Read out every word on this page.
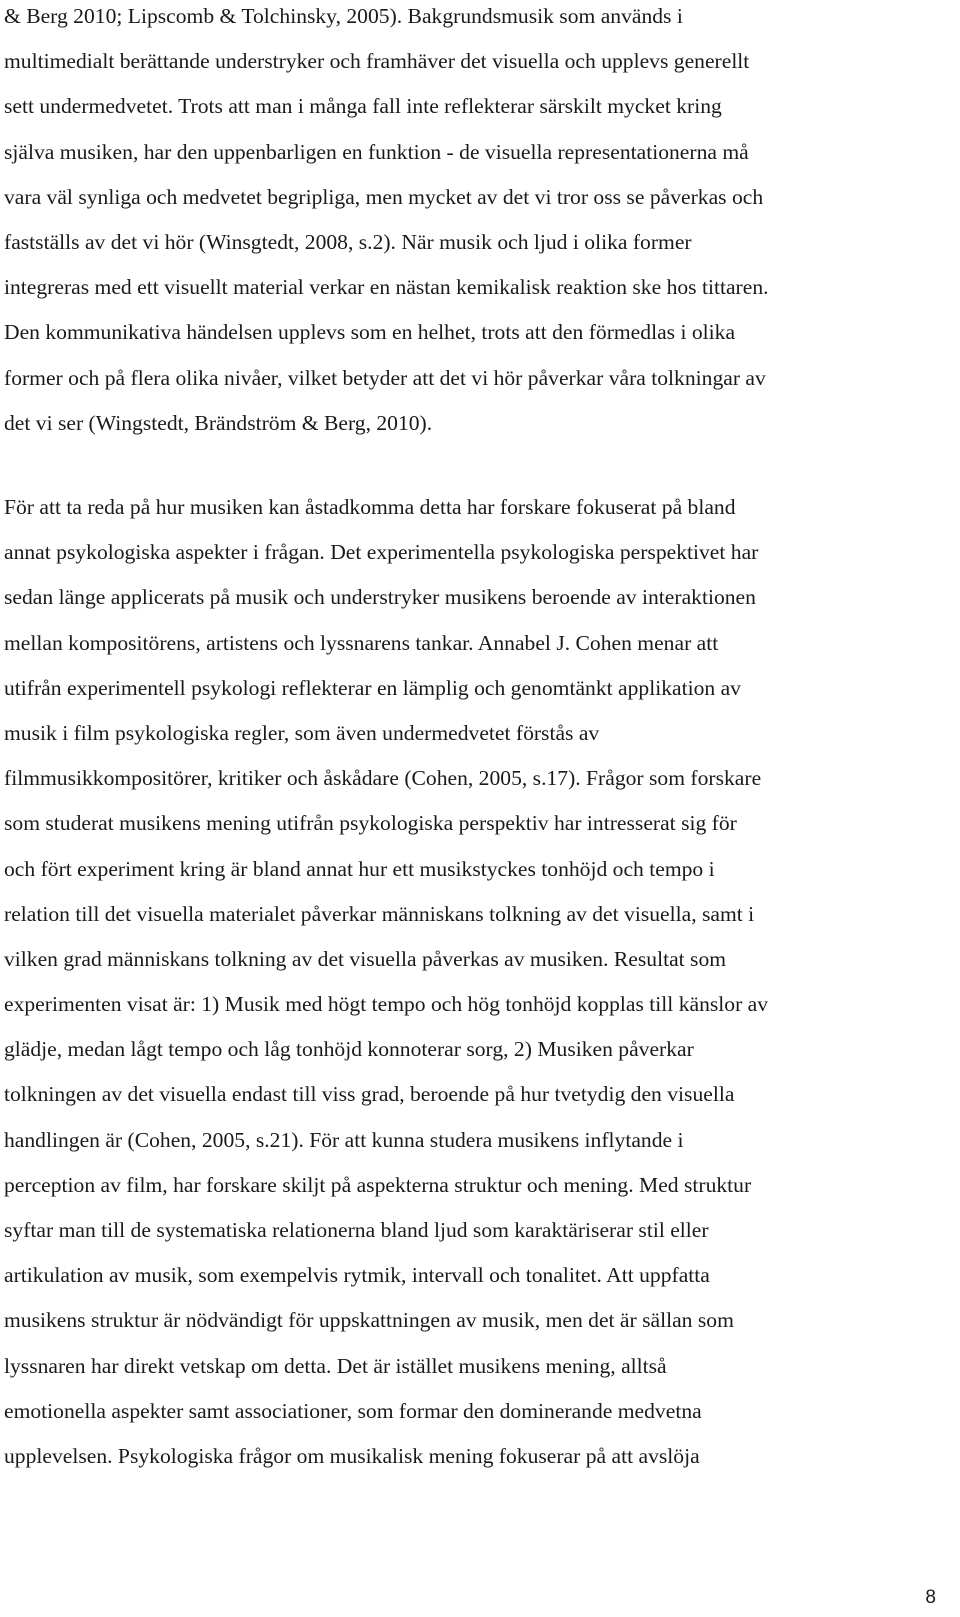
& Berg 2010; Lipscomb & Tolchinsky, 2005). Bakgrundsmusik som används i
multimedialt berättande understryker och framhäver det visuella och upplevs generellt
sett undermedvetet. Trots att man i många fall inte reflekterar särskilt mycket kring
själva musiken, har den uppenbarligen en funktion - de visuella representationerna må
vara väl synliga och medvetet begripliga, men mycket av det vi tror oss se påverkas och
fastställs av det vi hör (Winsgtedt, 2008, s.2). När musik och ljud i olika former
integreras med ett visuellt material verkar en nästan kemikalisk reaktion ske hos tittaren.
Den kommunikativa händelsen upplevs som en helhet, trots att den förmedlas i olika
former och på flera olika nivåer, vilket betyder att det vi hör påverkar våra tolkningar av
det vi ser (Wingstedt, Brändström & Berg, 2010).
För att ta reda på hur musiken kan åstadkomma detta har forskare fokuserat på bland
annat psykologiska aspekter i frågan. Det experimentella psykologiska perspektivet har
sedan länge applicerats på musik och understryker musikens beroende av interaktionen
mellan kompositörens, artistens och lyssnarens tankar. Annabel J. Cohen menar att
utifrån experimentell psykologi reflekterar en lämplig och genomtänkt applikation av
musik i film psykologiska regler, som även undermedvetet förstås av
filmmusikkompositörer, kritiker och åskådare (Cohen, 2005, s.17). Frågor som forskare
som studerat musikens mening utifrån psykologiska perspektiv har intresserat sig för
och fört experiment kring är bland annat hur ett musikstyckes tonhöjd och tempo i
relation till det visuella materialet påverkar människans tolkning av det visuella, samt i
vilken grad människans tolkning av det visuella påverkas av musiken. Resultat som
experimenten visat är: 1) Musik med högt tempo och hög tonhöjd kopplas till känslor av
glädje, medan lågt tempo och låg tonhöjd konnoterar sorg, 2) Musiken påverkar
tolkningen av det visuella endast till viss grad, beroende på hur tvetydig den visuella
handlingen är (Cohen, 2005, s.21). För att kunna studera musikens inflytande i
perception av film, har forskare skiljt på aspekterna struktur och mening. Med struktur
syftar man till de systematiska relationerna bland ljud som karaktäriserar stil eller
artikulation av musik, som exempelvis rytmik, intervall och tonalitet. Att uppfatta
musikens struktur är nödvändigt för uppskattningen av musik, men det är sällan som
lyssnaren har direkt vetskap om detta. Det är istället musikens mening, alltså
emotionella aspekter samt associationer, som formar den dominerande medvetna
upplevelsen. Psykologiska frågor om musikalisk mening fokuserar på att avslöja
8
